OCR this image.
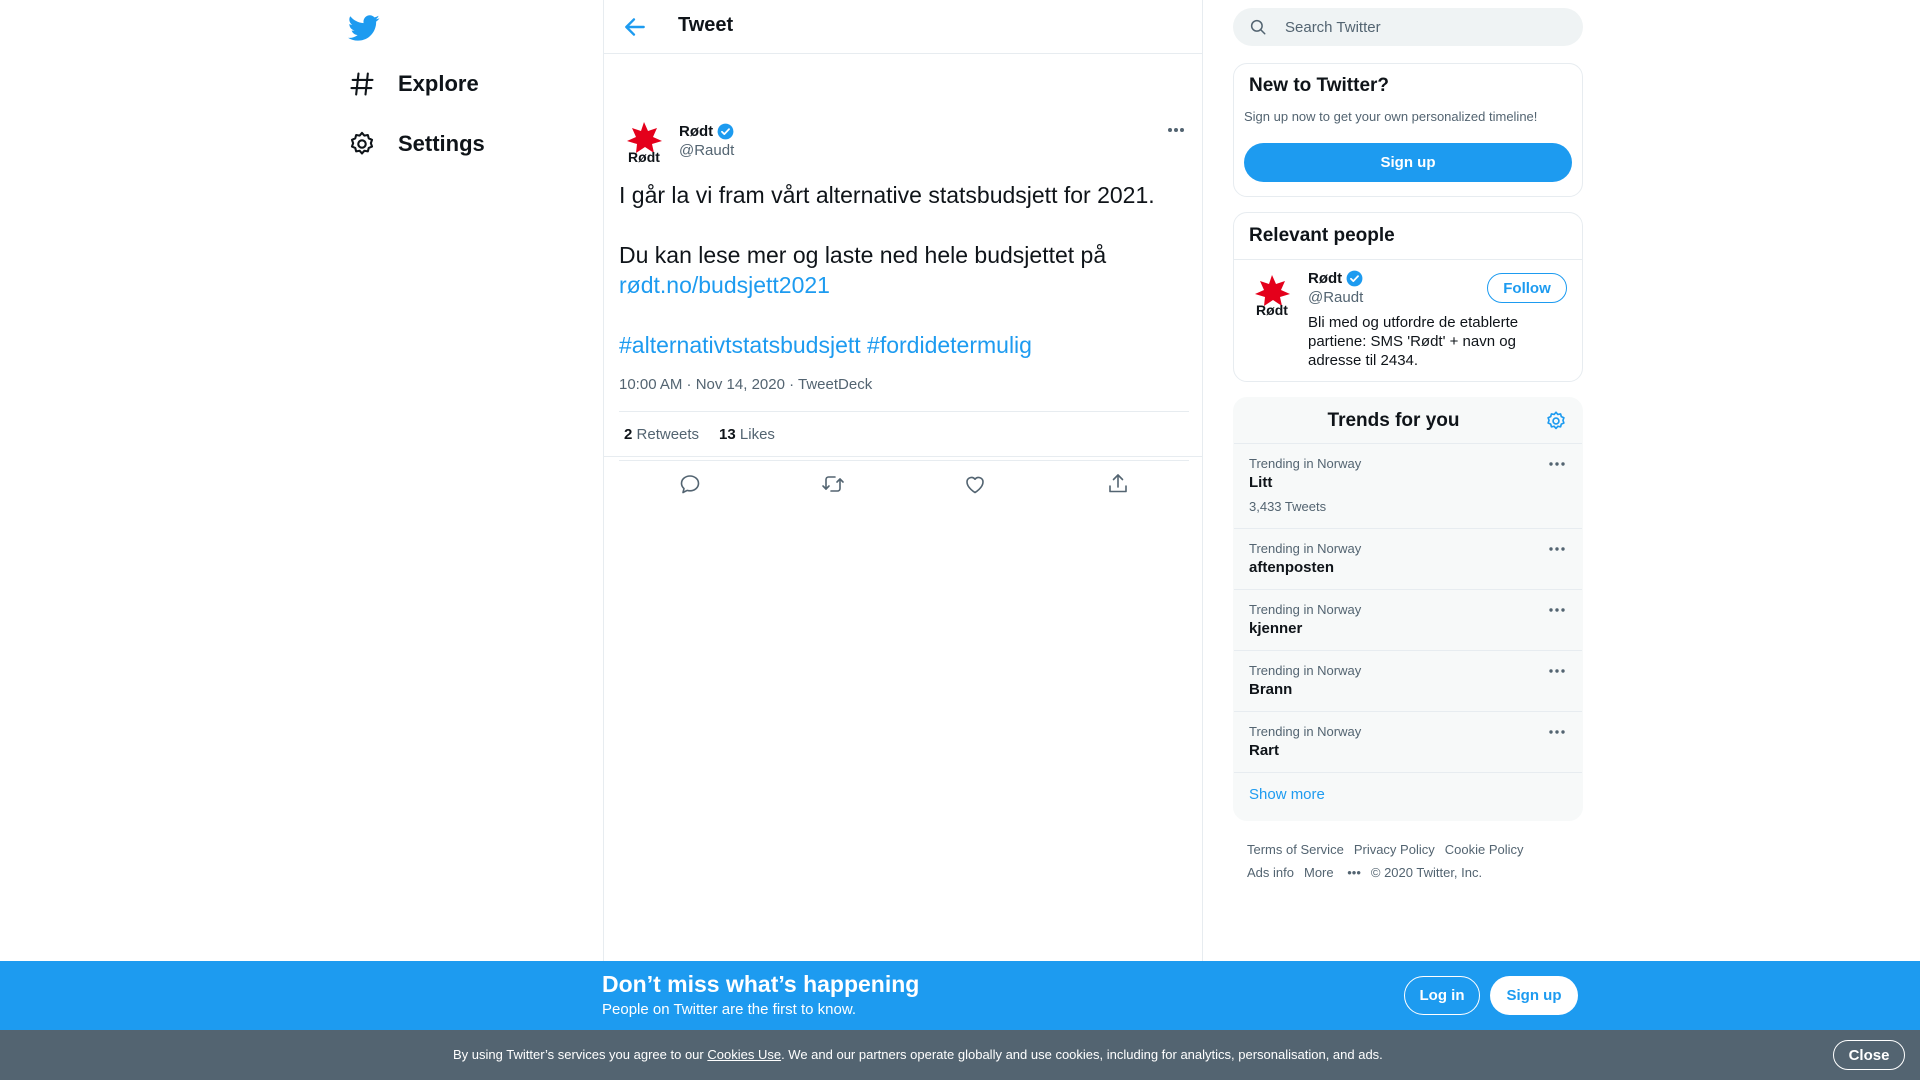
Explore
Settings
Tweet
Rødt
Rødt
@Raudt
I går la vi fram vårt alternative statsbudsjett for 2021.
Du kan lese mer og laste ned hele budsjettet på
rødt.no/budsjett2021
#alternativtstatsbudsjett #fordidetermulig
10:00 AM · Nov 14, 2020 · TweetDeck
2 Retweets 13 Likes
Search Twitter
New to Twitter?

Sign up now to get your own personalized timeline!

Sign up
Relevant people
Rødt
Rødt
@Raudt
Follow
Bli med og utfordre de etablerte partiene: SMS 'Rødt' + navn og adresse til 2434.
Trends for you
Trending in Norway
Litt
3,433 Tweets
Trending in Norway
aftenposten
Trending in Norway
kjenner
Trending in Norway
Brann
Trending in Norway
Rart
Show more
Terms of Service Privacy Policy Cookie Policy
Ads info More ••• © 2020 Twitter, Inc.
Don’t miss what’s happening
People on Twitter are the first to know.
Log in	Sign up
By using Twitter’s services you agree to our Cookies Use. We and our partners operate globally and use cookies, including for analytics, personalisation, and ads.	Close
